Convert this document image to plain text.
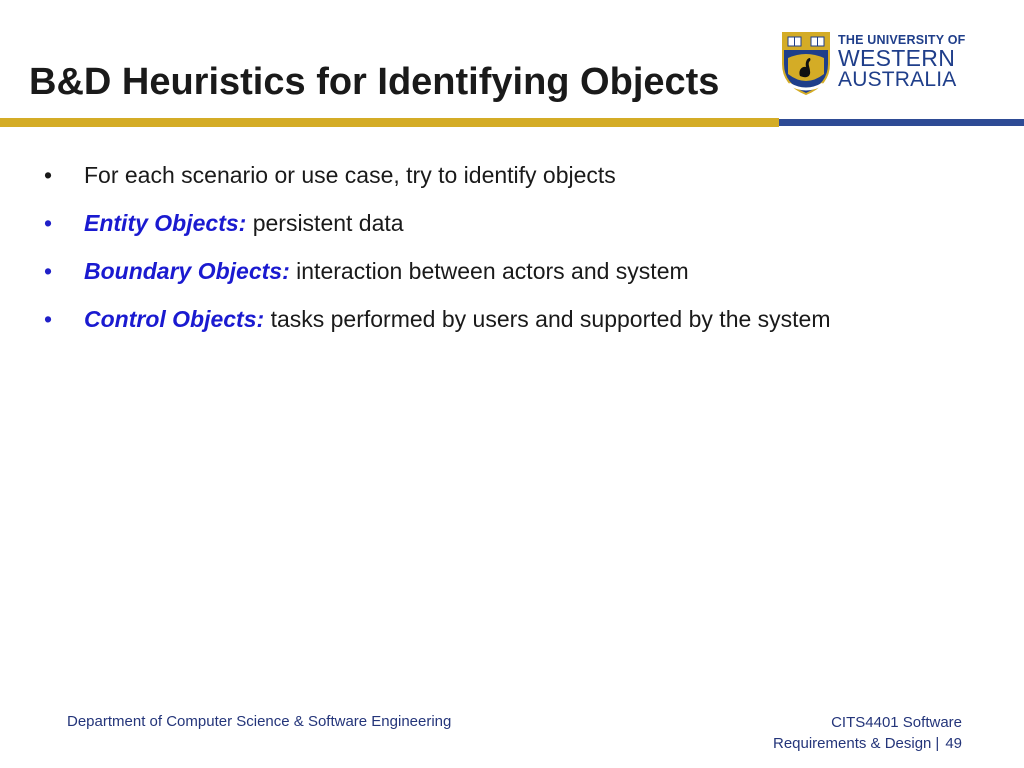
B&D Heuristics for Identifying Objects
THE UNIVERSITY OF
WESTERN
AUSTRALIA
•	For each scenario or use case, try to identify objects
•	Entity Objects: persistent data
•	Boundary Objects: interaction between actors and system
•	Control Objects: tasks performed by users and supported by the system
Department of Computer Science & Software Engineering	CITS4401 Software
Requirements & Design | 49
